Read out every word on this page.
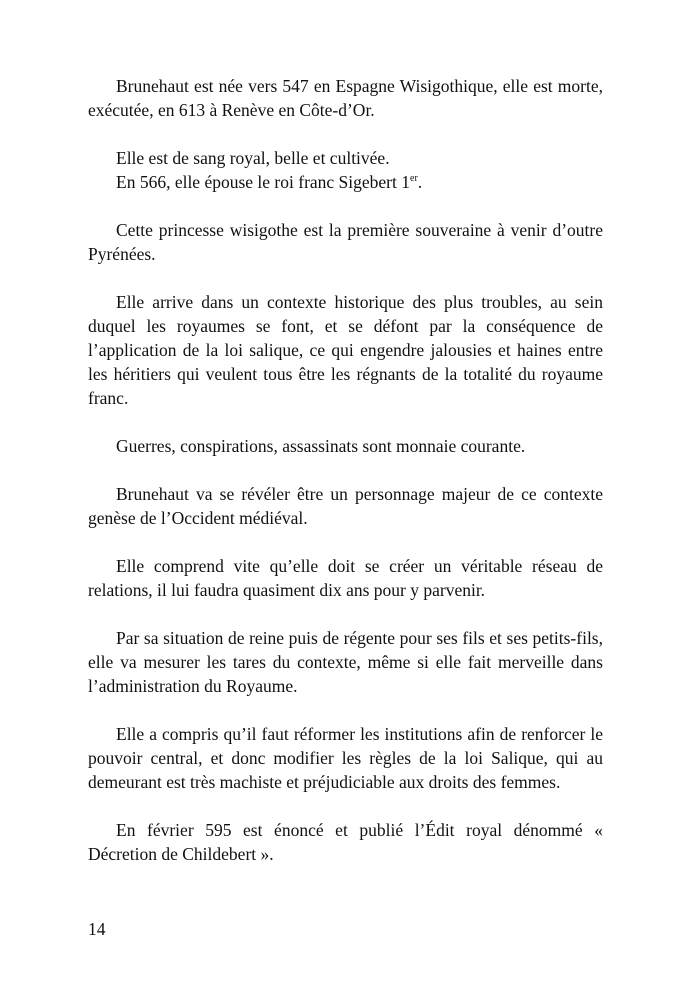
Brunehaut est née vers 547 en Espagne Wisigothique, elle est morte, exécutée, en 613 à Renève en Côte-d’Or.

Elle est de sang royal, belle et cultivée.
En 566, elle épouse le roi franc Sigebert 1er.

Cette princesse wisigothe est la première souveraine à venir d’outre Pyrénées.

Elle arrive dans un contexte historique des plus troubles, au sein duquel les royaumes se font, et se défont par la conséquence de l’application de la loi salique, ce qui engendre jalousies et haines entre les héritiers qui veulent tous être les régnants de la totalité du royaume franc.

Guerres, conspirations, assassinats sont monnaie courante.

Brunehaut va se révéler être un personnage majeur de ce contexte genèse de l’Occident médiéval.

Elle comprend vite qu’elle doit se créer un véritable réseau de relations, il lui faudra quasiment dix ans pour y parvenir.

Par sa situation de reine puis de régente pour ses fils et ses petits-fils, elle va mesurer les tares du contexte, même si elle fait merveille dans l’administration du Royaume.

Elle a compris qu’il faut réformer les institutions afin de renforcer le pouvoir central, et donc modifier les règles de la loi Salique, qui au demeurant est très machiste et préjudiciable aux droits des femmes.

En février 595 est énoncé et publié l’Édit royal dénommé « Décretion de Childebert ».

14
